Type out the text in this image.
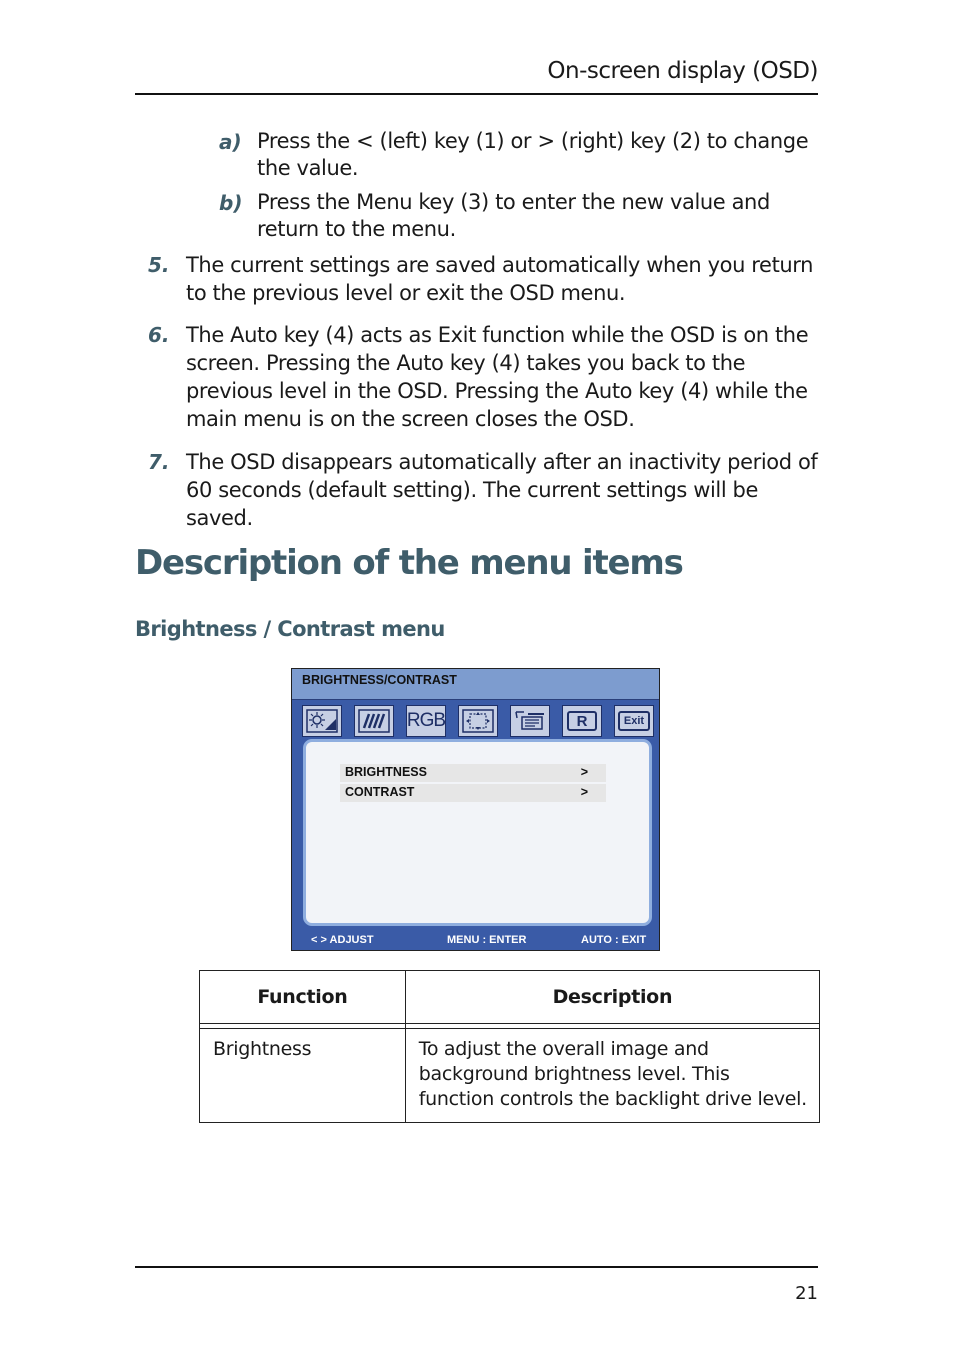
On-screen display (OSD)
a) Press the < (left) key (1) or > (right) key (2) to change the value.
b) Press the Menu key (3) to enter the new value and return to the menu.
5. The current settings are saved automatically when you return to the previous level or exit the OSD menu.
6. The Auto key (4) acts as Exit function while the OSD is on the screen. Pressing the Auto key (4) takes you back to the previous level in the OSD. Pressing the Auto key (4) while the main menu is on the screen closes the OSD.
7. The OSD disappears automatically after an inactivity period of 60 seconds (default setting). The current settings will be saved.
Description of the menu items
Brightness / Contrast menu
BRIGHTNESS/CONTRAST
RGB	R	Exit
BRIGHTNESS	>
CONTRAST	>
< > ADJUST	MENU : ENTER	AUTO : EXIT
Function	Description

Brightness	To adjust the overall image and background brightness level. This function controls the backlight drive level.
21
